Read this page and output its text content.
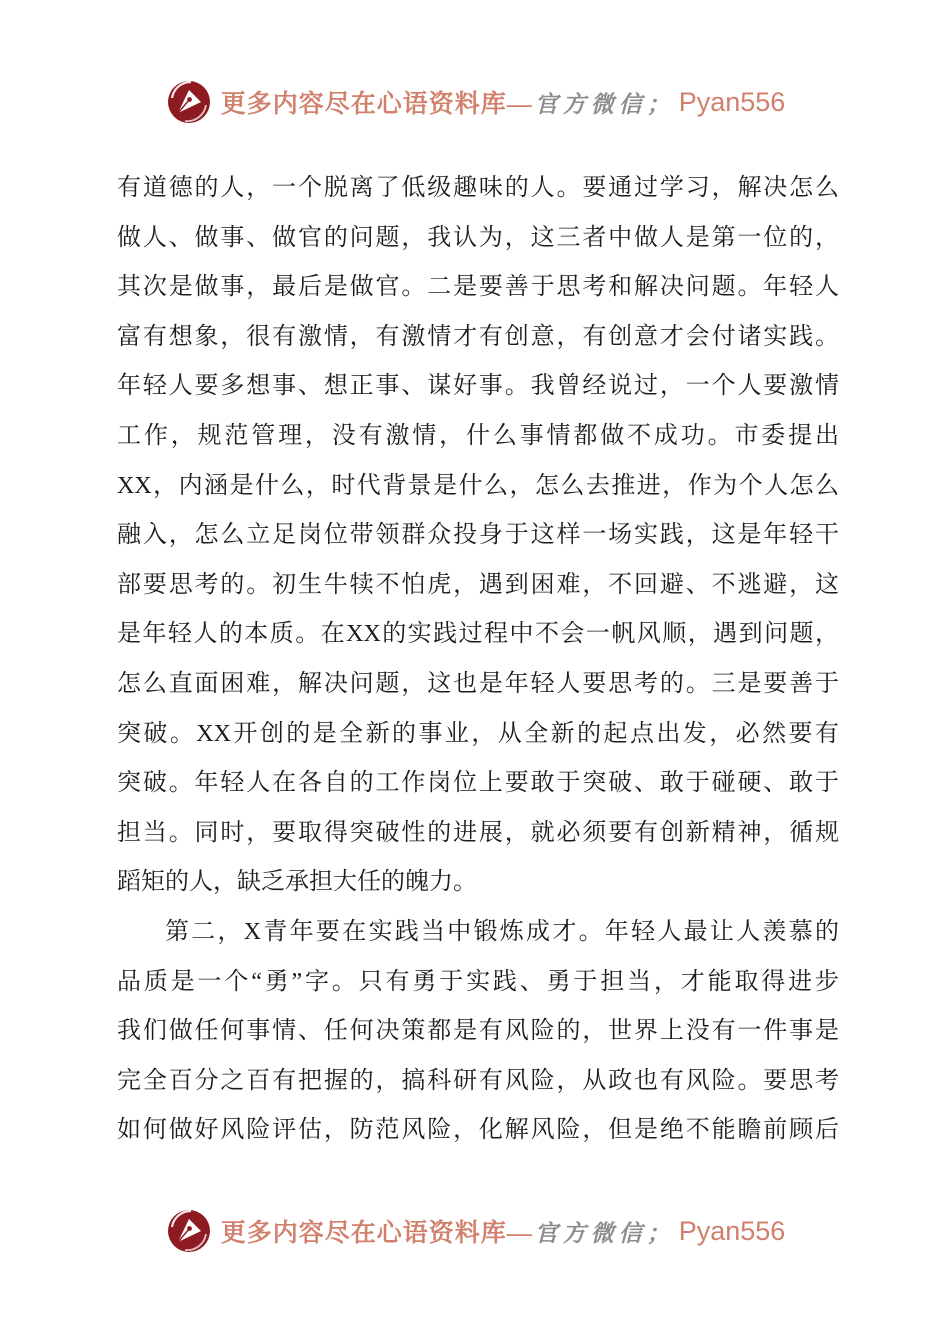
更多内容尽在心语资料库— 官方微信； Pyan556
有道德的人，一个脱离了低级趣味的人。要通过学习，解决怎么
做人、做事、做官的问题，我认为，这三者中做人是第一位的，
其次是做事，最后是做官。二是要善于思考和解决问题。年轻人
富有想象，很有激情，有激情才有创意，有创意才会付诸实践。
年轻人要多想事、想正事、谋好事。我曾经说过，一个人要激情
工作，规范管理，没有激情，什么事情都做不成功。市委提出
XX，内涵是什么，时代背景是什么，怎么去推进，作为个人怎么
融入，怎么立足岗位带领群众投身于这样一场实践，这是年轻干
部要思考的。初生牛犊不怕虎，遇到困难，不回避、不逃避，这
是年轻人的本质。在XX的实践过程中不会一帆风顺，遇到问题，
怎么直面困难，解决问题，这也是年轻人要思考的。三是要善于
突破。XX开创的是全新的事业，从全新的起点出发，必然要有
突破。年轻人在各自的工作岗位上要敢于突破、敢于碰硬、敢于
担当。同时，要取得突破性的进展，就必须要有创新精神，循规
蹈矩的人，缺乏承担大任的魄力。
第二，X青年要在实践当中锻炼成才。年轻人最让人羡慕的
品质是一个“勇”字。只有勇于实践、勇于担当，才能取得进步
我们做任何事情、任何决策都是有风险的，世界上没有一件事是
完全百分之百有把握的，搞科研有风险，从政也有风险。要思考
如何做好风险评估，防范风险，化解风险，但是绝不能瞻前顾后
更多内容尽在心语资料库— 官方微信； Pyan556
